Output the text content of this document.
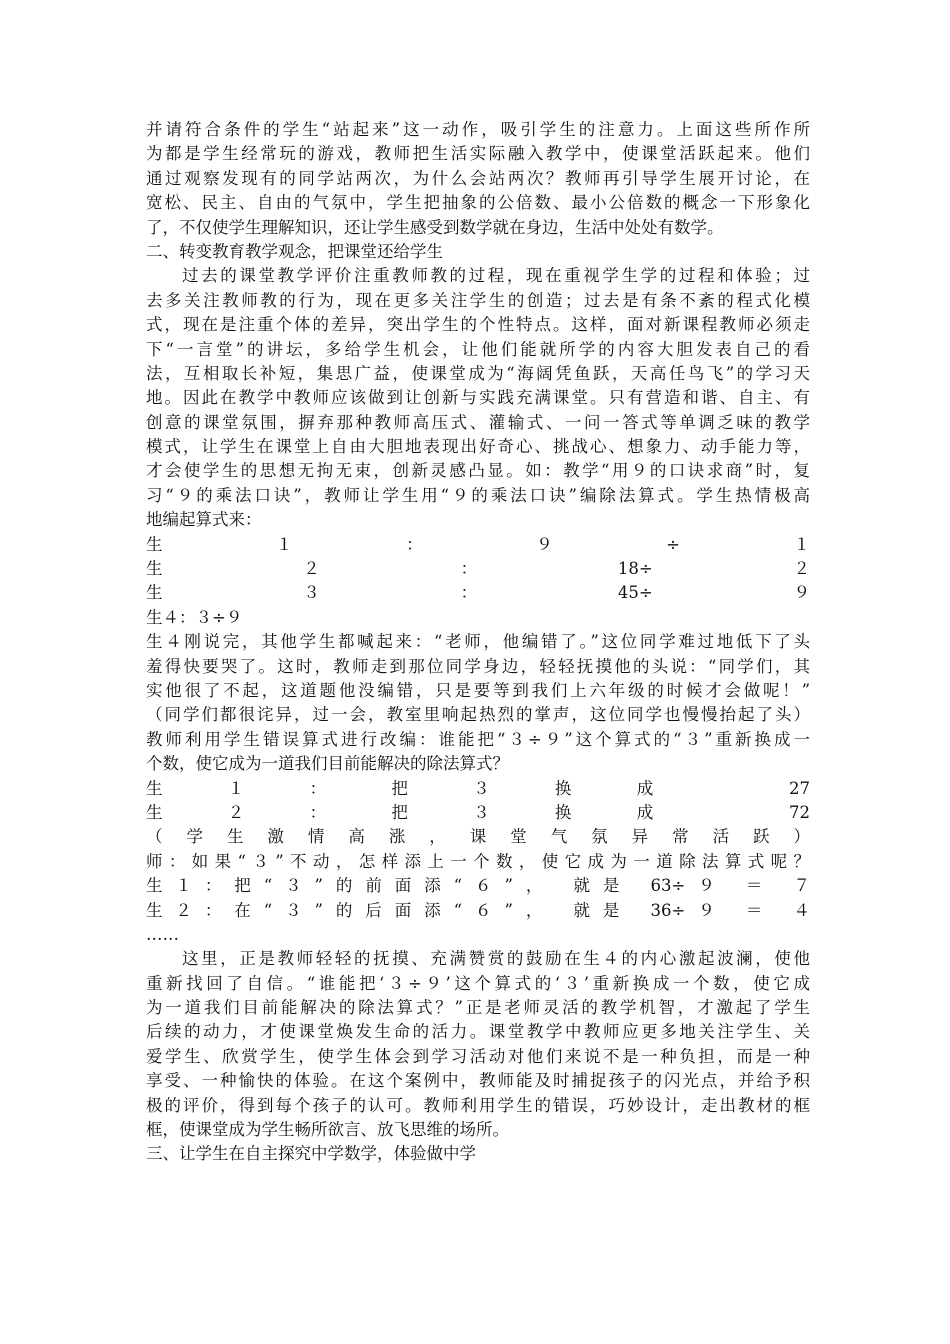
并请符合条件的学生“站起来”这一动作，吸引学生的注意力。上面这些所作所
为都是学生经常玩的游戏，教师把生活实际融入教学中，使课堂活跃起来。他们
通过观察发现有的同学站两次，为什么会站两次？教师再引导学生展开讨论，在
宽松、民主、自由的气氛中，学生把抽象的公倍数、最小公倍数的概念一下形象化
了，不仅使学生理解知识，还让学生感受到数学就在身边，生活中处处有数学。
二、转变教育教学观念，把课堂还给学生
过去的课堂教学评价注重教师教的过程，现在重视学生学的过程和体验；过
去多关注教师教的行为，现在更多关注学生的创造；过去是有条不紊的程式化模
式，现在是注重个体的差异，突出学生的个性特点。这样，面对新课程教师必须走
下“一言堂”的讲坛，多给学生机会，让他们能就所学的内容大胆发表自己的看
法，互相取长补短，集思广益，使课堂成为“海阔凭鱼跃，天高任鸟飞”的学习天
地。因此在教学中教师应该做到让创新与实践充满课堂。只有营造和谐、自主、有
创意的课堂氛围，摒弃那种教师高压式、灌输式、一问一答式等单调乏味的教学
模式，让学生在课堂上自由大胆地表现出好奇心、挑战心、想象力、动手能力等，
才会使学生的思想无拘无束，创新灵感凸显。如：教学“用９的口诀求商”时，复
习“９的乘法口诀”，教师让学生用“９的乘法口诀”编除法算式。学生热情极高
地编起算式来：
生１：９÷１
生２：18÷２
生３：45÷９
生４：３÷９
生４刚说完，其他学生都喊起来：“老师，他编错了。”这位同学难过地低下了头
羞得快要哭了。这时，教师走到那位同学身边，轻轻抚摸他的头说：“同学们，其
实他很了不起，这道题他没编错，只是要等到我们上六年级的时候才会做呢！”
（同学们都很诧异，过一会，教室里响起热烈的掌声，这位同学也慢慢抬起了头）
教师利用学生错误算式进行改编：谁能把“３÷９”这个算式的“３”重新换成一
个数，使它成为一道我们目前能解决的除法算式？
生１：把３换成 27
生２：把３换成 72
（学生激情高涨，课堂气氛异常活跃）
师：如果“３”不动，怎样添上一个数，使它成为一道除法算式呢？
生１：把“３”的前面添“６”， 就是 63÷９ ＝ ７
生２：在“３”的后面添“６”， 就是 36÷９ ＝ ４
……
这里，正是教师轻轻的抚摸、充满赞赏的鼓励在生４的内心激起波澜，使他
重新找回了自信。“谁能把‘３÷９’这个算式的‘３’重新换成一个数，使它成
为一道我们目前能解决的除法算式？”正是老师灵活的教学机智，才激起了学生
后续的动力，才使课堂焕发生命的活力。课堂教学中教师应更多地关注学生、关
爱学生、欣赏学生，使学生体会到学习活动对他们来说不是一种负担，而是一种
享受、一种愉快的体验。在这个案例中，教师能及时捕捉孩子的闪光点，并给予积
极的评价，得到每个孩子的认可。教师利用学生的错误，巧妙设计，走出教材的框
框，使课堂成为学生畅所欲言、放飞思维的场所。
三、让学生在自主探究中学数学，体验做中学
